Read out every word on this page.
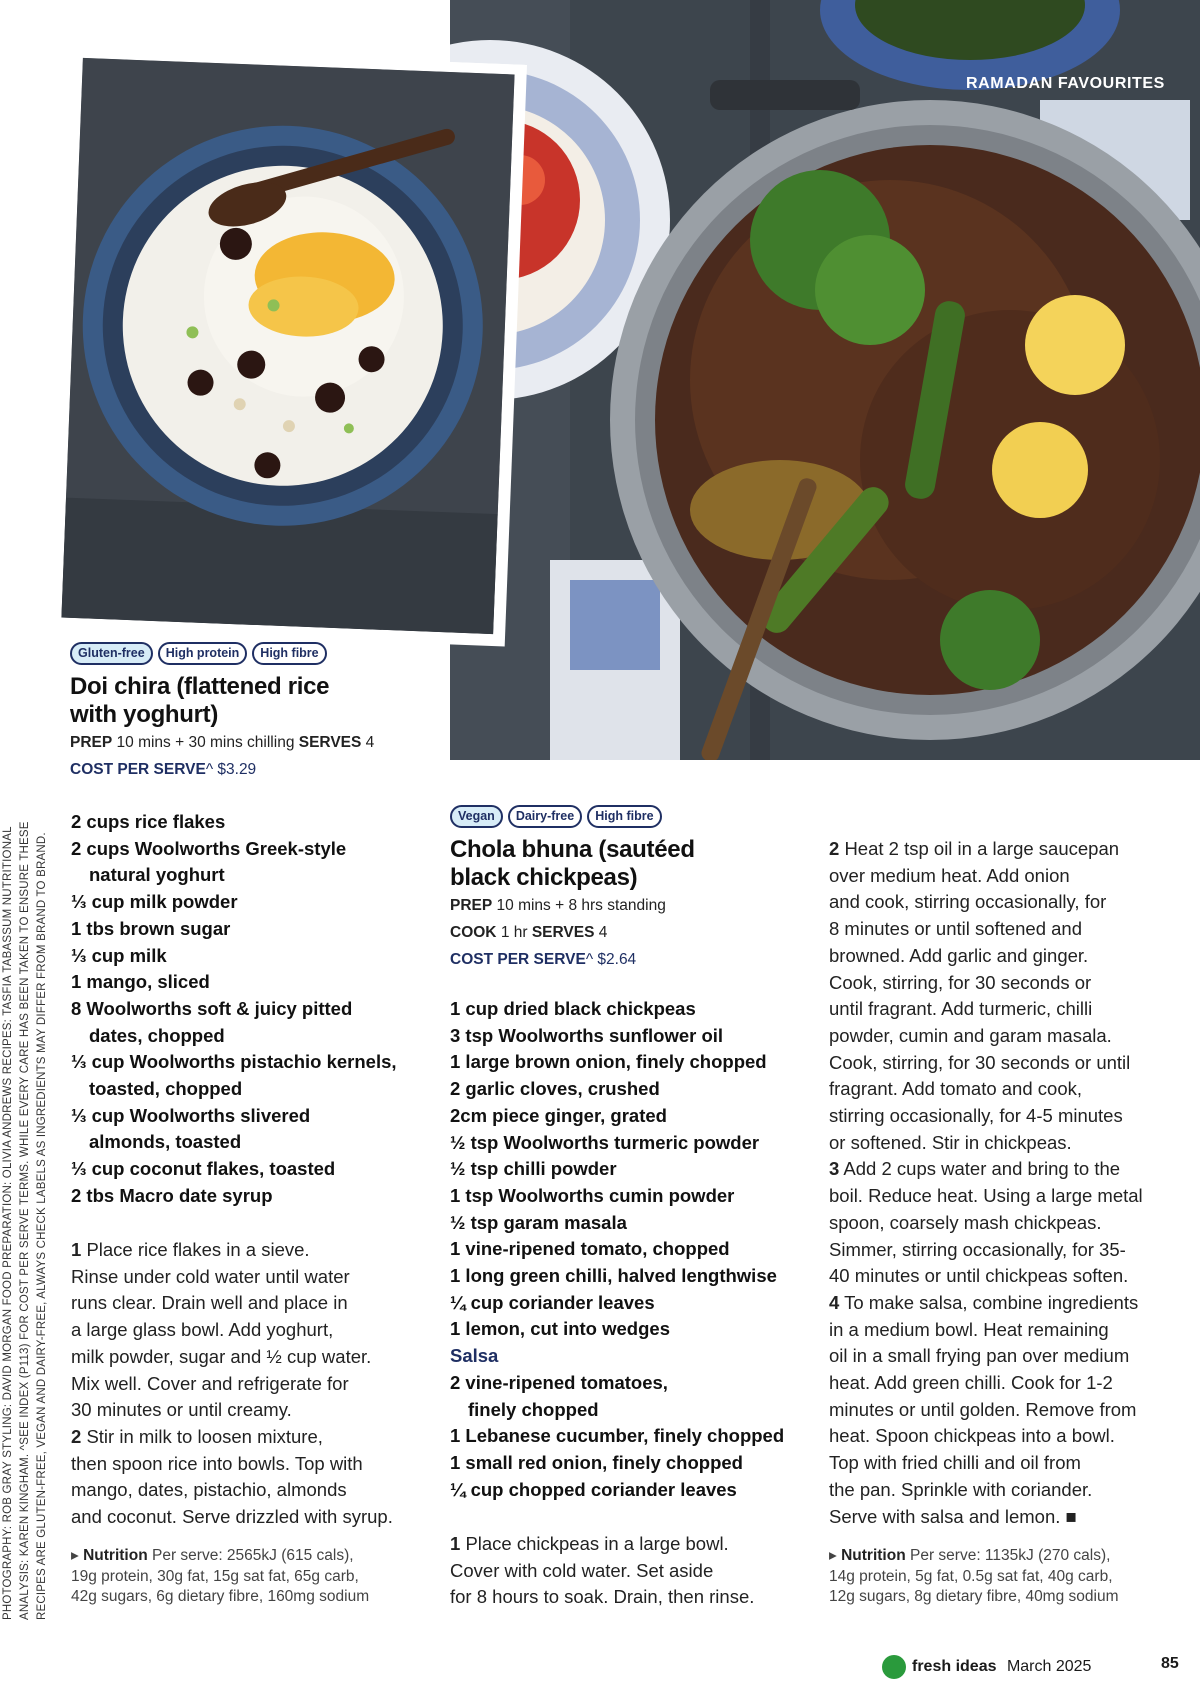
RAMADAN FAVOURITES
PHOTOGRAPHY: ROB GRAY STYLING: DAVID MORGAN FOOD PREPARATION: OLIVIA ANDREWS RECIPES: TASFIA TABASSUM NUTRITIONAL ANALYSIS: KAREN KINGHAM. ^SEE INDEX (P113) FOR COST PER SERVE TERMS. WHILE EVERY CARE HAS BEEN TAKEN TO ENSURE THESE RECIPES ARE GLUTEN-FREE, VEGAN AND DAIRY-FREE, ALWAYS CHECK LABELS AS INGREDIENTS MAY DIFFER FROM BRAND TO BRAND.
Gluten-free	High protein	High fibre
Doi chira (flattened rice
with yoghurt)
PREP 10 mins + 30 mins chilling SERVES 4
COST PER SERVE^ $3.29
2 cups rice flakes
2 cups Woolworths Greek-style
natural yoghurt
⅓ cup milk powder
1 tbs brown sugar
⅓ cup milk
1 mango, sliced
8 Woolworths soft & juicy pitted
dates, chopped
⅓ cup Woolworths pistachio kernels,
toasted, chopped
⅓ cup Woolworths slivered
almonds, toasted
⅓ cup coconut flakes, toasted
2 tbs Macro date syrup
1 Place rice flakes in a sieve.
Rinse under cold water until water
runs clear. Drain well and place in
a large glass bowl. Add yoghurt,
milk powder, sugar and ½ cup water.
Mix well. Cover and refrigerate for
30 minutes or until creamy.
2 Stir in milk to loosen mixture,
then spoon rice into bowls. Top with
mango, dates, pistachio, almonds
and coconut. Serve drizzled with syrup.
▸ Nutrition Per serve: 2565kJ (615 cals),
19g protein, 30g fat, 15g sat fat, 65g carb,
42g sugars, 6g dietary fibre, 160mg sodium
Vegan	Dairy-free	High fibre
Chola bhuna (sautéed
black chickpeas)
PREP 10 mins + 8 hrs standing
COOK 1 hr SERVES 4
COST PER SERVE^ $2.64
1 cup dried black chickpeas
3 tsp Woolworths sunflower oil
1 large brown onion, finely chopped
2 garlic cloves, crushed
2cm piece ginger, grated
½ tsp Woolworths turmeric powder
½ tsp chilli powder
1 tsp Woolworths cumin powder
½ tsp garam masala
1 vine-ripened tomato, chopped
1 long green chilli, halved lengthwise
¼ cup coriander leaves
1 lemon, cut into wedges
Salsa
2 vine-ripened tomatoes,
finely chopped
1 Lebanese cucumber, finely chopped
1 small red onion, finely chopped
¼ cup chopped coriander leaves
1 Place chickpeas in a large bowl.
Cover with cold water. Set aside
for 8 hours to soak. Drain, then rinse.
2 Heat 2 tsp oil in a large saucepan
over medium heat. Add onion
and cook, stirring occasionally, for
8 minutes or until softened and
browned. Add garlic and ginger.
Cook, stirring, for 30 seconds or
until fragrant. Add turmeric, chilli
powder, cumin and garam masala.
Cook, stirring, for 30 seconds or until
fragrant. Add tomato and cook,
stirring occasionally, for 4-5 minutes
or softened. Stir in chickpeas.
3 Add 2 cups water and bring to the
boil. Reduce heat. Using a large metal
spoon, coarsely mash chickpeas.
Simmer, stirring occasionally, for 35-
40 minutes or until chickpeas soften.
4 To make salsa, combine ingredients
in a medium bowl. Heat remaining
oil in a small frying pan over medium
heat. Add green chilli. Cook for 1-2
minutes or until golden. Remove from
heat. Spoon chickpeas into a bowl.
Top with fried chilli and oil from
the pan. Sprinkle with coriander.
Serve with salsa and lemon. ■
▸ Nutrition Per serve: 1135kJ (270 cals),
14g protein, 5g fat, 0.5g sat fat, 40g carb,
12g sugars, 8g dietary fibre, 40mg sodium
fresh ideas March 2025	85
